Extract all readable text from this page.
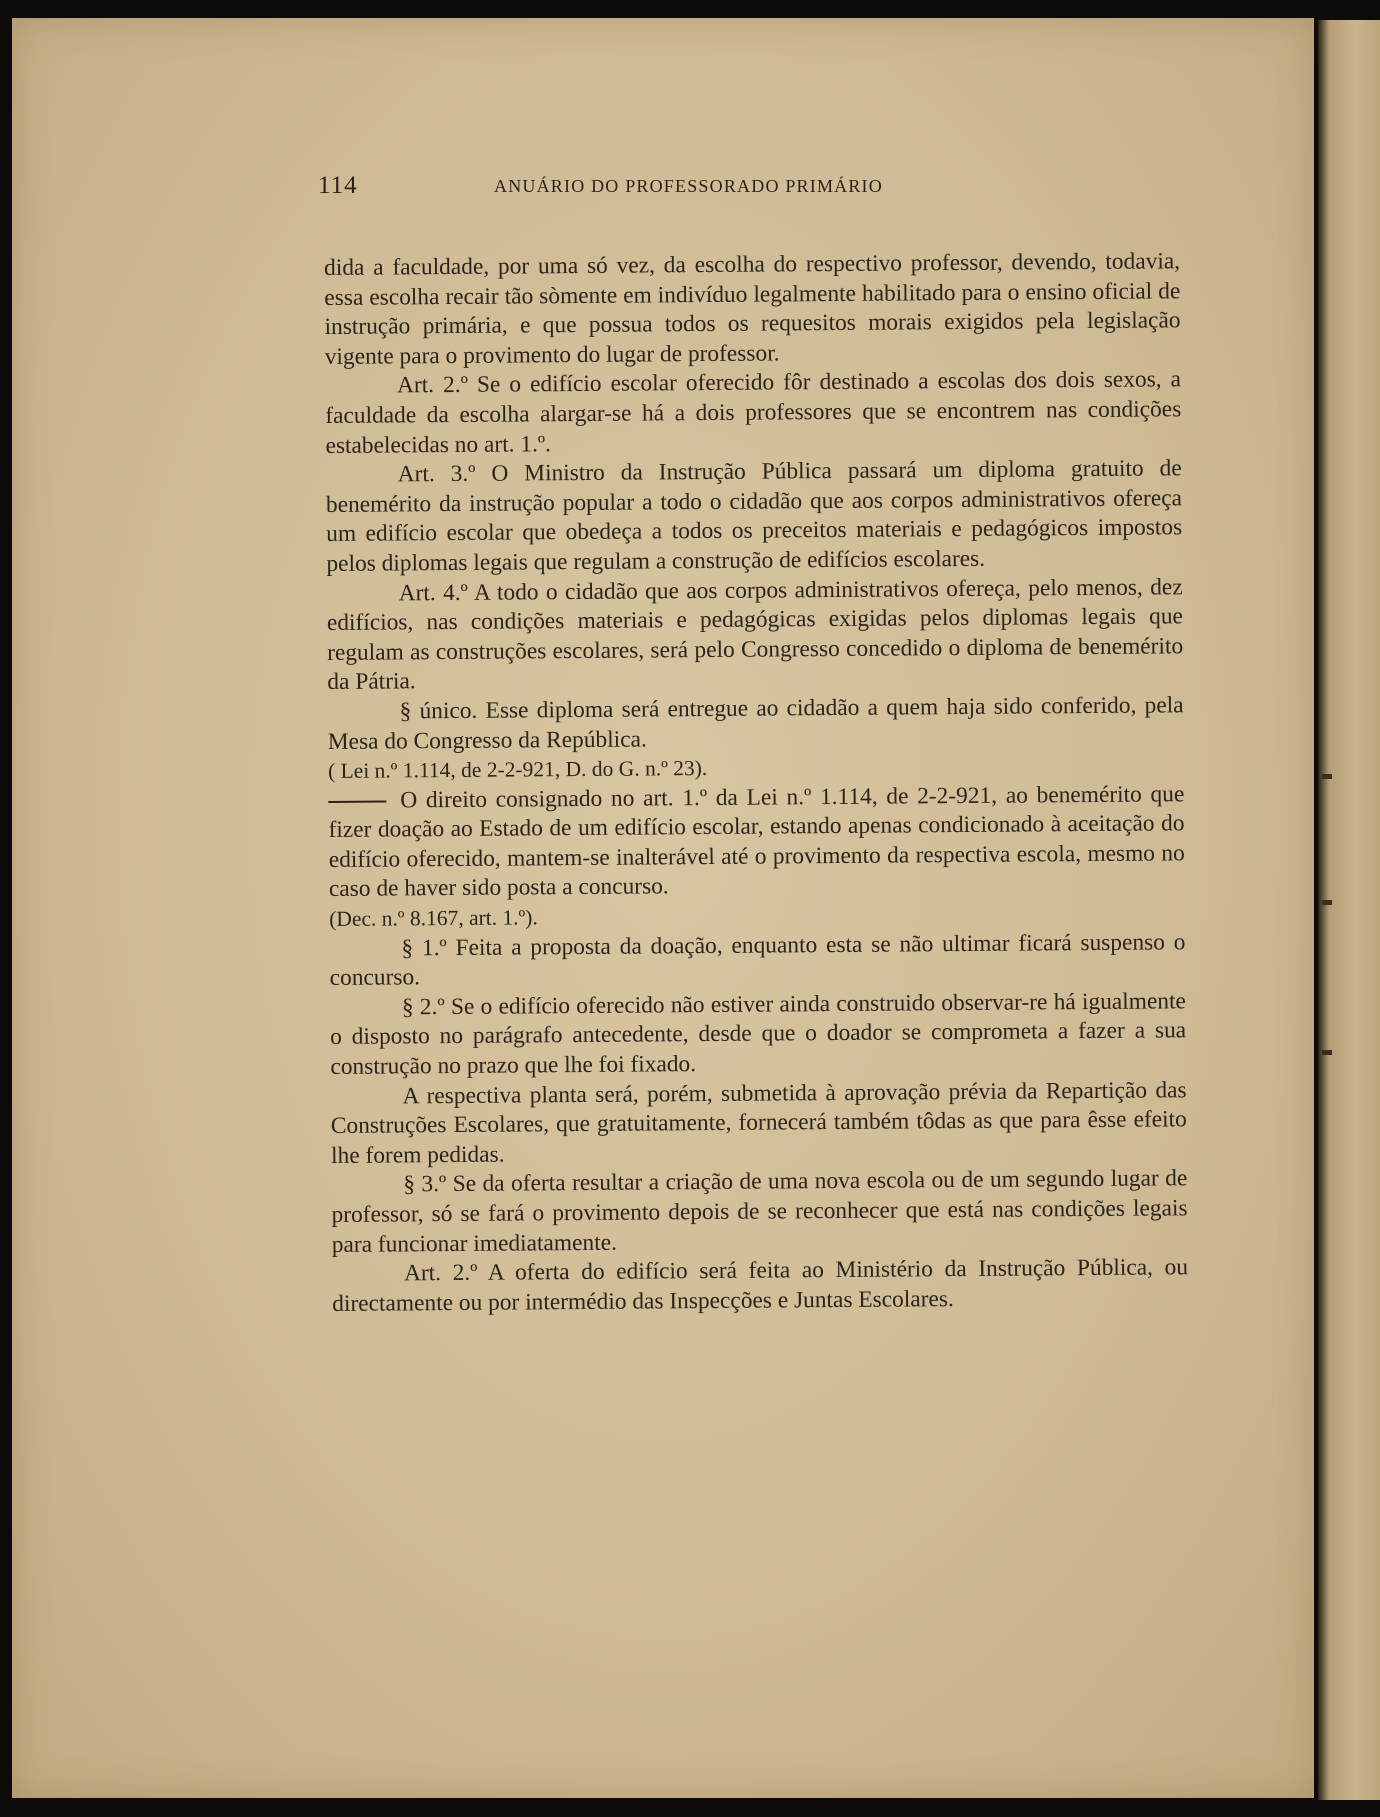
114	ANUÁRIO DO PROFESSORADO PRIMÁRIO

dida a faculdade, por uma só vez, da escolha do respectivo professor, devendo, todavia, essa escolha recair tão sòmente em indivíduo legalmente habilitado para o ensino oficial de instrução primária, e que possua todos os requesitos morais exigidos pela legislação vigente para o provimento do lugar de professor.

Art. 2.º Se o edifício escolar oferecido fôr destinado a escolas dos dois sexos, a faculdade da escolha alargar-se há a dois professores que se encontrem nas condições estabelecidas no art. 1.º.

Art. 3.º O Ministro da Instrução Pública passará um diploma gratuito de benemérito da instrução popular a todo o cidadão que aos corpos administrativos ofereça um edifício escolar que obedeça a todos os preceitos materiais e pedagógicos impostos pelos diplomas legais que regulam a construção de edifícios escolares.

Art. 4.º A todo o cidadão que aos corpos administrativos ofereça, pelo menos, dez edifícios, nas condições materiais e pedagógicas exigidas pelos diplomas legais que regulam as construções escolares, será pelo Congresso concedido o diploma de benemérito da Pátria.

§ único. Esse diploma será entregue ao cidadão a quem haja sido conferido, pela Mesa do Congresso da República.

( Lei n.º 1.114, de 2-2-921, D. do G. n.º 23).

O direito consignado no art. 1.º da Lei n.º 1.114, de 2-2-921, ao benemérito que fizer doação ao Estado de um edifício escolar, estando apenas condicionado à aceitação do edifício oferecido, mantem-se inalterável até o provimento da respectiva escola, mesmo no caso de haver sido posta a concurso.

(Dec. n.º 8.167, art. 1.º).

§ 1.º Feita a proposta da doação, enquanto esta se não ultimar ficará suspenso o concurso.

§ 2.º Se o edifício oferecido não estiver ainda construido observar-re há igualmente o disposto no parágrafo antecedente, desde que o doador se comprometa a fazer a sua construção no prazo que lhe foi fixado.

A respectiva planta será, porém, submetida à aprovação prévia da Repartição das Construções Escolares, que gratuitamente, fornecerá também tôdas as que para êsse efeito lhe forem pedidas.

§ 3.º Se da oferta resultar a criação de uma nova escola ou de um segundo lugar de professor, só se fará o provimento depois de se reconhecer que está nas condições legais para funcionar imediatamente.

Art. 2.º A oferta do edifício será feita ao Ministério da Instrução Pública, ou directamente ou por intermédio das Inspecções e Juntas Escolares.
